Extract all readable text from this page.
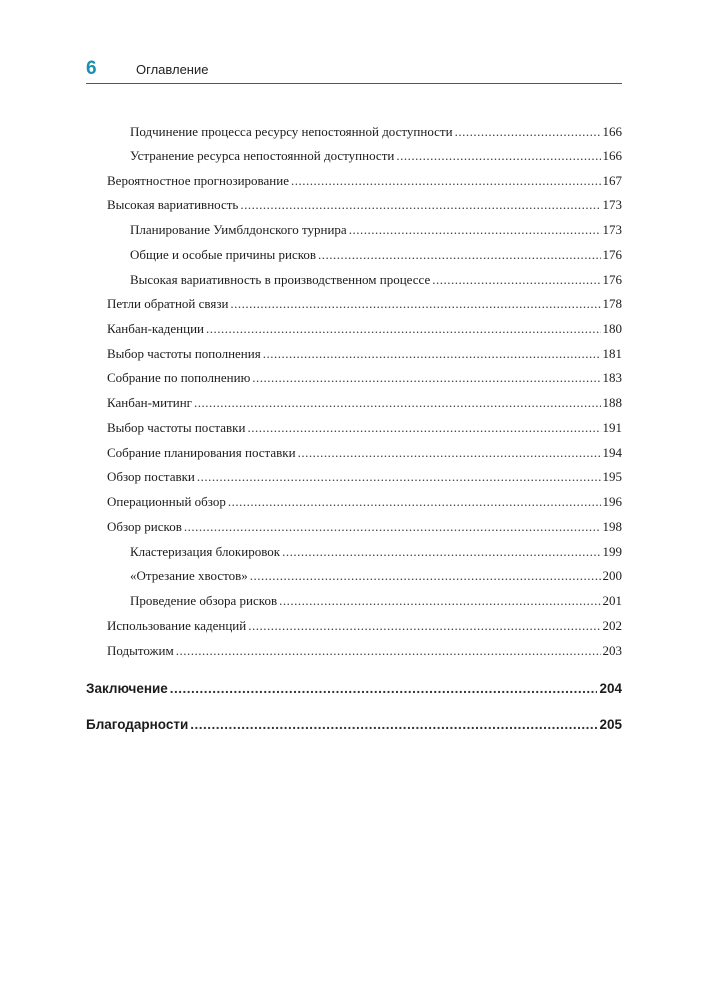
6	Оглавление
Подчинение процесса ресурсу непостоянной доступности .....	166
Устранение ресурса непостоянной доступности .....	166
Вероятностное прогнозирование .....	167
Высокая вариативность .....	173
Планирование Уимблдонского турнира .....	173
Общие и особые причины рисков .....	176
Высокая вариативность в производственном процессе .....	176
Петли обратной связи .....	178
Канбан-каденции .....	180
Выбор частоты пополнения .....	181
Собрание по пополнению .....	183
Канбан-митинг .....	188
Выбор частоты поставки .....	191
Собрание планирования поставки .....	194
Обзор поставки .....	195
Операционный обзор .....	196
Обзор рисков .....	198
Кластеризация блокировок .....	199
«Отрезание хвостов» .....	200
Проведение обзора рисков .....	201
Использование каденций .....	202
Подытожим .....	203
Заключение .....	204
Благодарности .....	205
